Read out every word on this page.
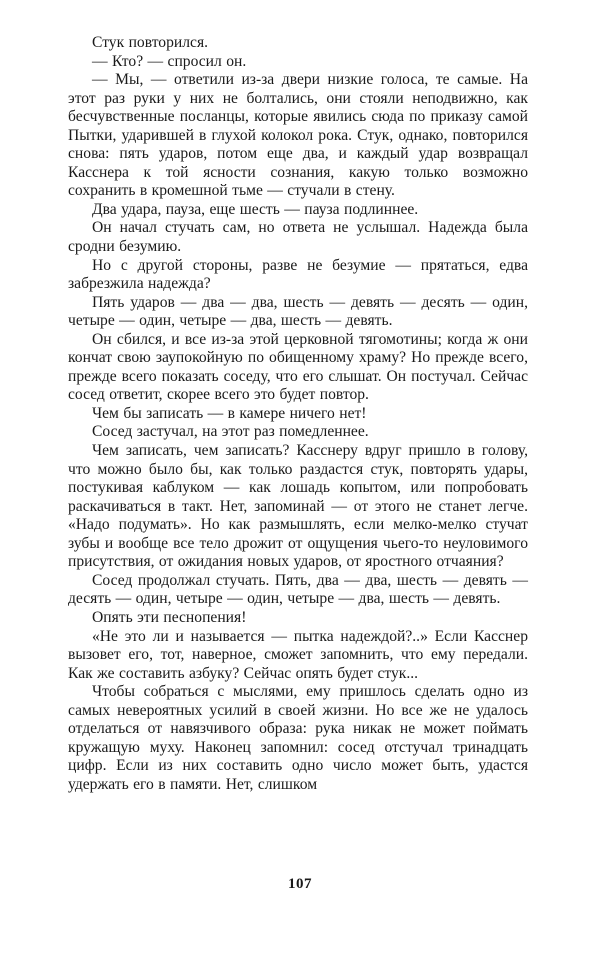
Стук повторился.

— Кто? — спросил он.

— Мы, — ответили из-за двери низкие голоса, те самые. На этот раз руки у них не болтались, они стояли неподвижно, как бесчувственные посланцы, которые явились сюда по приказу самой Пытки, ударившей в глухой колокол рока. Стук, однако, повторился снова: пять ударов, потом еще два, и каждый удар возвращал Касснера к той ясности сознания, какую только возможно сохранить в кромешной тьме — стучали в стену.

Два удара, пауза, еще шесть — пауза подлиннее.

Он начал стучать сам, но ответа не услышал. Надежда была сродни безумию.

Но с другой стороны, разве не безумие — прятаться, едва забрезжила надежда?

Пять ударов — два — два, шесть — девять — десять — один, четыре — один, четыре — два, шесть — девять.

Он сбился, и все из-за этой церковной тягомотины; когда ж они кончат свою заупокойную по обищенному храму? Но прежде всего, прежде всего показать соседу, что его слышат. Он постучал. Сейчас сосед ответит, скорее всего это будет повтор.

Чем бы записать — в камере ничего нет!

Сосед застучал, на этот раз помедленнее.

Чем записать, чем записать? Касснеру вдруг пришло в голову, что можно было бы, как только раздастся стук, повторять удары, постукивая каблуком — как лошадь копытом, или попробовать раскачиваться в такт. Нет, запоминай — от этого не станет легче. «Надо подумать». Но как размышлять, если мелко-мелко стучат зубы и вообще все тело дрожит от ощущения чьего-то неуловимого присутствия, от ожидания новых ударов, от яростного отчаяния?

Сосед продолжал стучать. Пять, два — два, шесть — девять — десять — один, четыре — один, четыре — два, шесть — девять.

Опять эти песнопения!

«Не это ли и называется — пытка надеждой?..» Если Касснер вызовет его, тот, наверное, сможет запомнить, что ему передали. Как же составить азбуку? Сейчас опять будет стук...

Чтобы собраться с мыслями, ему пришлось сделать одно из самых невероятных усилий в своей жизни. Но все же не удалось отделаться от навязчивого образа: рука никак не может поймать кружащую муху. Наконец запомнил: сосед отстучал тринадцать цифр. Если из них составить одно число может быть, удастся удержать его в памяти. Нет, слишком

107
